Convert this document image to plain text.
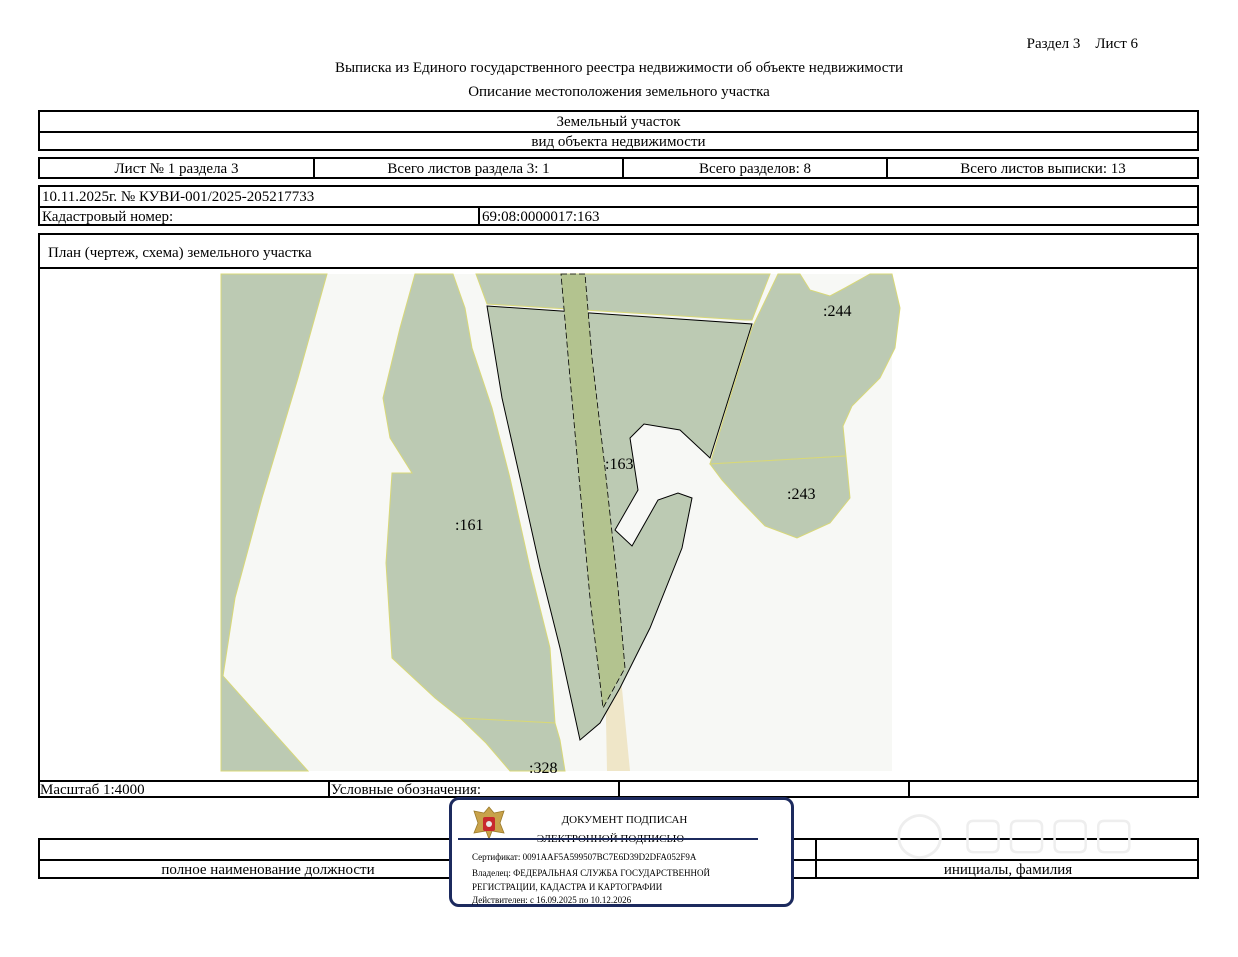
Раздел 3    Лист 6
Выписка из Единого государственного реестра недвижимости об объекте недвижимости
Описание местоположения земельного участка
Земельный участок
вид объекта недвижимости
Лист № 1 раздела 3	Всего листов раздела 3: 1	Всего разделов: 8	Всего листов выписки: 13
10.11.2025г. № КУВИ-001/2025-205217733
Кадастровый номер:	69:08:0000017:163
План (чертеж, схема) земельного участка
Масштаб 1:4000	Условные обозначения:
:244
:163
:243
:161
:328
полное наименование должности	инициалы, фамилия
◯ ▢▢▢▢
ДОКУМЕНТ ПОДПИСАН
Сертификат: 0091AAF5A599507BC7E6D39D2DFA052F9A
Владелец: ФЕДЕРАЛЬНАЯ СЛУЖБА ГОСУДАРСТВЕННОЙ
РЕГИСТРАЦИИ, КАДАСТРА И КАРТОГРАФИИ
Действителен: с 16.09.2025 по 10.12.2026
